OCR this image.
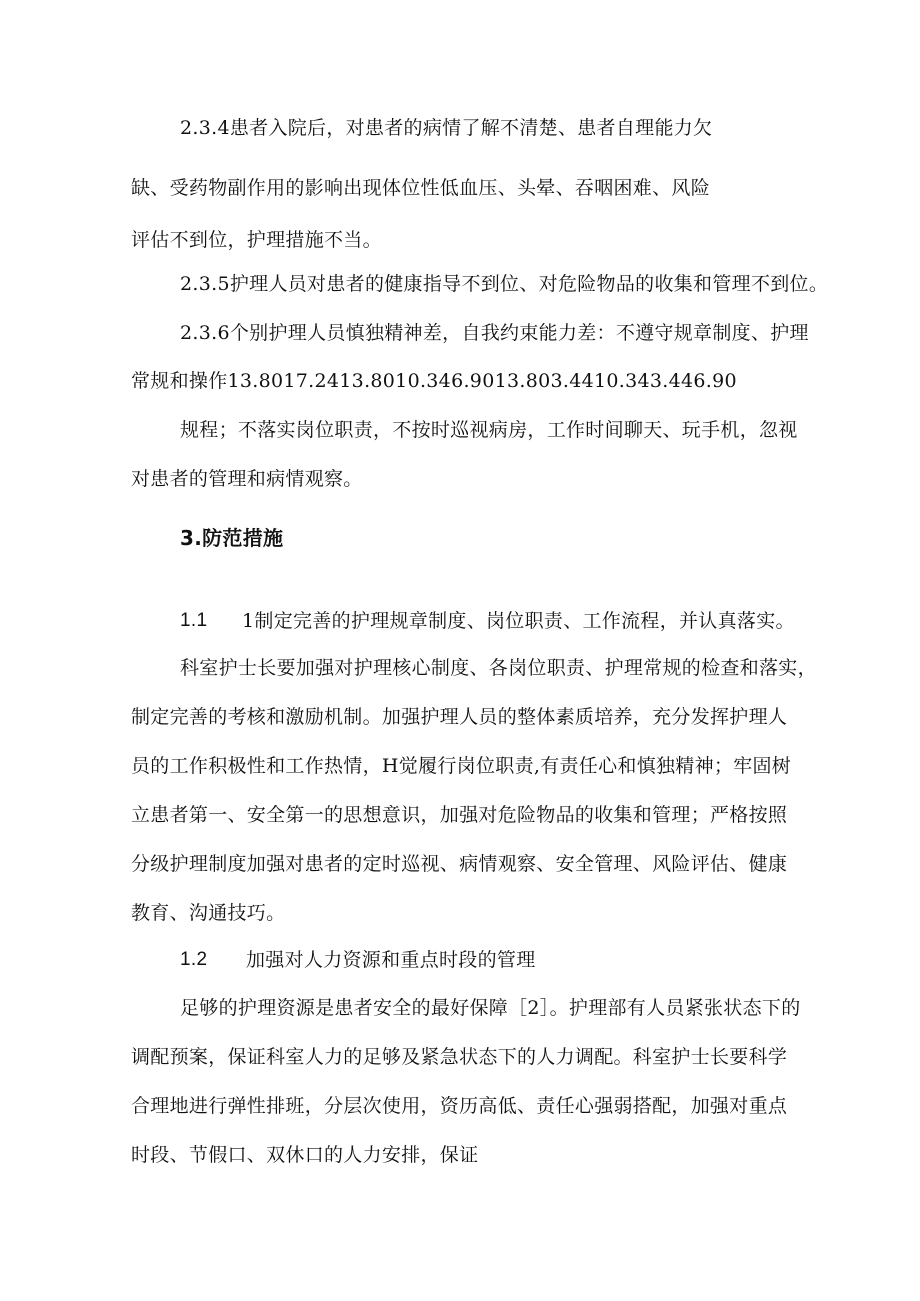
2.3.4患者入院后，对患者的病情了解不清楚、患者自理能力欠
缺、受药物副作用的影响出现体位性低血压、头晕、吞咽困难、风险
评估不到位，护理措施不当。
2.3.5护理人员对患者的健康指导不到位、对危险物品的收集和管理不到位。
2.3.6个别护理人员慎独精神差，自我约束能力差：不遵守规章制度、护理
常规和操作13.8017.2413.8010.346.9013.803.4410.343.446.90
规程；不落实岗位职责，不按时巡视病房，工作时间聊天、玩手机，忽视
对患者的管理和病情观察。
3.防范措施
1.1 1制定完善的护理规章制度、岗位职责、工作流程，并认真落实。
科室护士长要加强对护理核心制度、各岗位职责、护理常规的检查和落实，
制定完善的考核和激励机制。加强护理人员的整体素质培养，充分发挥护理人
员的工作积极性和工作热情，H觉履行岗位职责,有责任心和慎独精神；牢固树
立患者第一、安全第一的思想意识，加强对危险物品的收集和管理；严格按照
分级护理制度加强对患者的定时巡视、病情观察、安全管理、风险评估、健康
教育、沟通技巧。
1.2 加强对人力资源和重点时段的管理
足够的护理资源是患者安全的最好保障［2］。护理部有人员紧张状态下的
调配预案，保证科室人力的足够及紧急状态下的人力调配。科室护士长要科学
合理地进行弹性排班，分层次使用，资历高低、责任心强弱搭配，加强对重点
时段、节假口、双休口的人力安排，保证
